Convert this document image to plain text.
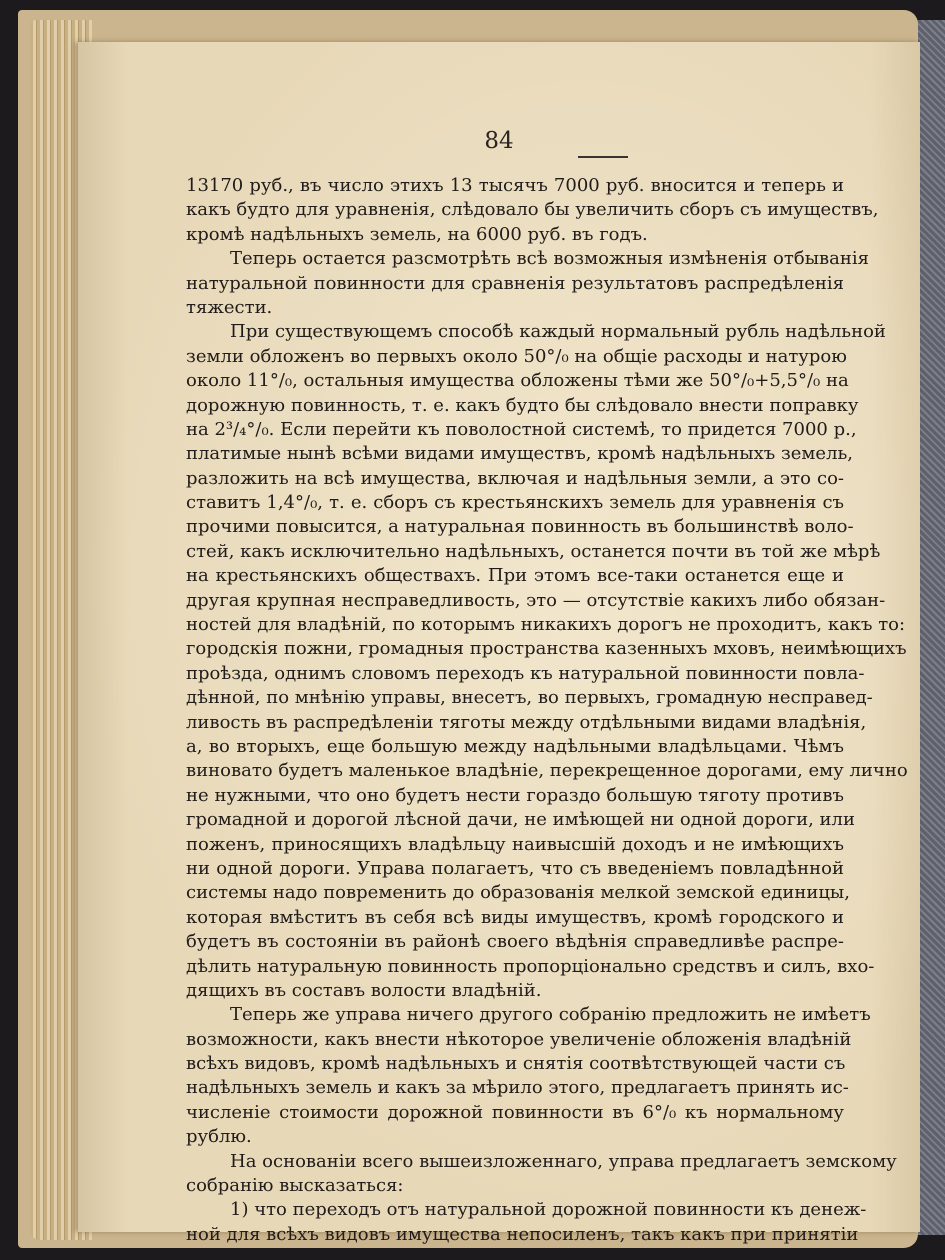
84
13170 руб., въ число этихъ 13 тысячъ 7000 руб. вносится и теперь и
какъ будто для уравненія, слѣдовало бы увеличить сборъ съ имуществъ,
кромѣ надѣльныхъ земель, на 6000 руб. въ годъ.
Теперь остается разсмотрѣть всѣ возможныя измѣненія отбыванія
натуральной повинности для сравненія результатовъ распредѣленія
тяжести.
При существующемъ способѣ каждый нормальный рубль надѣльной
земли обложенъ во первыхъ около 50°/₀ на общіе расходы и натурою
около 11°/₀, остальныя имущества обложены тѣми же 50°/₀+5,5°/₀ на
дорожную повинность, т. е. какъ будто бы слѣдовало внести поправку
на 2³/₄°/₀. Если перейти къ поволостной системѣ, то придется 7000 р.,
платимые нынѣ всѣми видами имуществъ, кромѣ надѣльныхъ земель,
разложить на всѣ имущества, включая и надѣльныя земли, а это со-
ставитъ 1,4°/₀, т. е. сборъ съ крестьянскихъ земель для уравненія съ
прочими повысится, а натуральная повинность въ большинствѣ воло-
стей, какъ исключительно надѣльныхъ, останется почти въ той же мѣрѣ
на крестьянскихъ обществахъ. При этомъ все-таки останется еще и
другая крупная несправедливость, это — отсутствіе какихъ либо обязан-
ностей для владѣній, по которымъ никакихъ дорогъ не проходитъ, какъ то:
городскія пожни, громадныя пространства казенныхъ мховъ, неимѣющихъ
проѣзда, однимъ словомъ переходъ къ натуральной повинности повла-
дѣнной, по мнѣнію управы, внесетъ, во первыхъ, громадную несправед-
ливость въ распредѣленіи тяготы между отдѣльными видами владѣнія,
а, во вторыхъ, еще большую между надѣльными владѣльцами. Чѣмъ
виновато будетъ маленькое владѣніе, перекрещенное дорогами, ему лично
не нужными, что оно будетъ нести гораздо большую тяготу противъ
громадной и дорогой лѣсной дачи, не имѣющей ни одной дороги, или
поженъ, приносящихъ владѣльцу наивысшій доходъ и не имѣющихъ
ни одной дороги. Управа полагаетъ, что съ введеніемъ повладѣнной
системы надо повременить до образованія мелкой земской единицы,
которая вмѣститъ въ себя всѣ виды имуществъ, кромѣ городского и
будетъ въ состояніи въ районѣ своего вѣдѣнія справедливѣе распре-
дѣлить натуральную повинность пропорціонально средствъ и силъ, вхо-
дящихъ въ составъ волости владѣній.
Теперь же управа ничего другого собранію предложить не имѣетъ
возможности, какъ внести нѣкоторое увеличеніе обложенія владѣній
всѣхъ видовъ, кромѣ надѣльныхъ и снятія соотвѣтствующей части съ
надѣльныхъ земель и какъ за мѣрило этого, предлагаетъ принять ис-
численіе стоимости дорожной повинности въ 6°/₀ къ нормальному
рублю.
На основаніи всего вышеизложеннаго, управа предлагаетъ земскому
собранію высказаться:
1) что переходъ отъ натуральной дорожной повинности къ денеж-
ной для всѣхъ видовъ имущества непосиленъ, такъ какъ при принятіи
